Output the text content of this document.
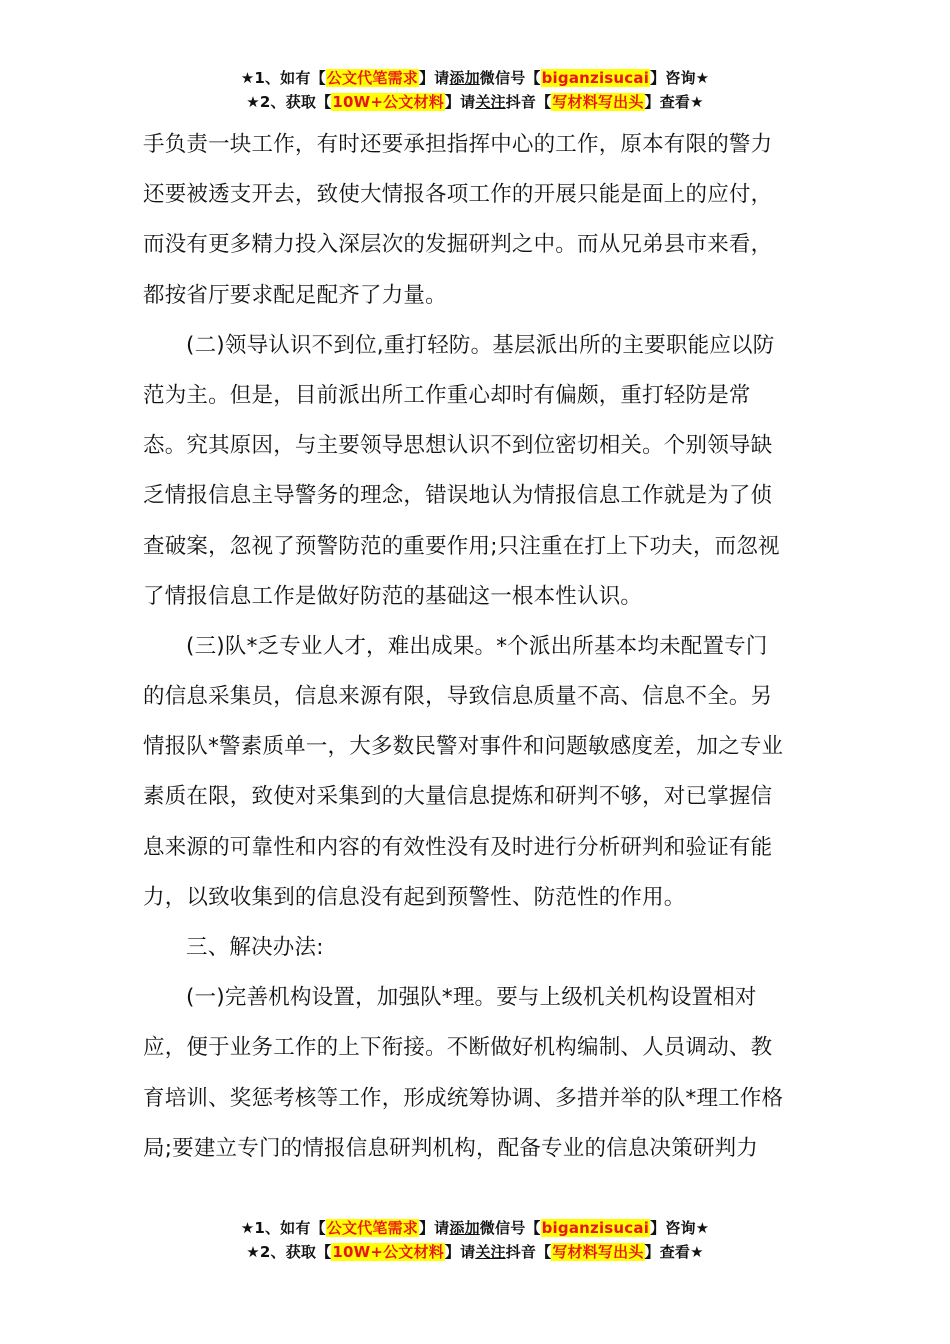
★1、如有【公文代笔需求】请添加微信号【biganzisucai】咨询★
★2、获取【10W+公文材料】请关注抖音【写材料写出头】查看★
手负责一块工作，有时还要承担指挥中心的工作，原本有限的警力
还要被透支开去，致使大情报各项工作的开展只能是面上的应付，
而没有更多精力投入深层次的发掘研判之中。而从兄弟县市来看，
都按省厅要求配足配齐了力量。
(二)领导认识不到位,重打轻防。基层派出所的主要职能应以防
范为主。但是，目前派出所工作重心却时有偏颇，重打轻防是常
态。究其原因，与主要领导思想认识不到位密切相关。个别领导缺
乏情报信息主导警务的理念，错误地认为情报信息工作就是为了侦
查破案，忽视了预警防范的重要作用;只注重在打上下功夫，而忽视
了情报信息工作是做好防范的基础这一根本性认识。
(三)队*乏专业人才，难出成果。*个派出所基本均未配置专门
的信息采集员，信息来源有限，导致信息质量不高、信息不全。另
情报队*警素质单一，大多数民警对事件和问题敏感度差，加之专业
素质在限，致使对采集到的大量信息提炼和研判不够，对已掌握信
息来源的可靠性和内容的有效性没有及时进行分析研判和验证有能
力，以致收集到的信息没有起到预警性、防范性的作用。
三、解决办法:
(一)完善机构设置，加强队*理。要与上级机关机构设置相对
应，便于业务工作的上下衔接。不断做好机构编制、人员调动、教
育培训、奖惩考核等工作，形成统筹协调、多措并举的队*理工作格
局;要建立专门的情报信息研判机构，配备专业的信息决策研判力
★1、如有【公文代笔需求】请添加微信号【biganzisucai】咨询★
★2、获取【10W+公文材料】请关注抖音【写材料写出头】查看★
